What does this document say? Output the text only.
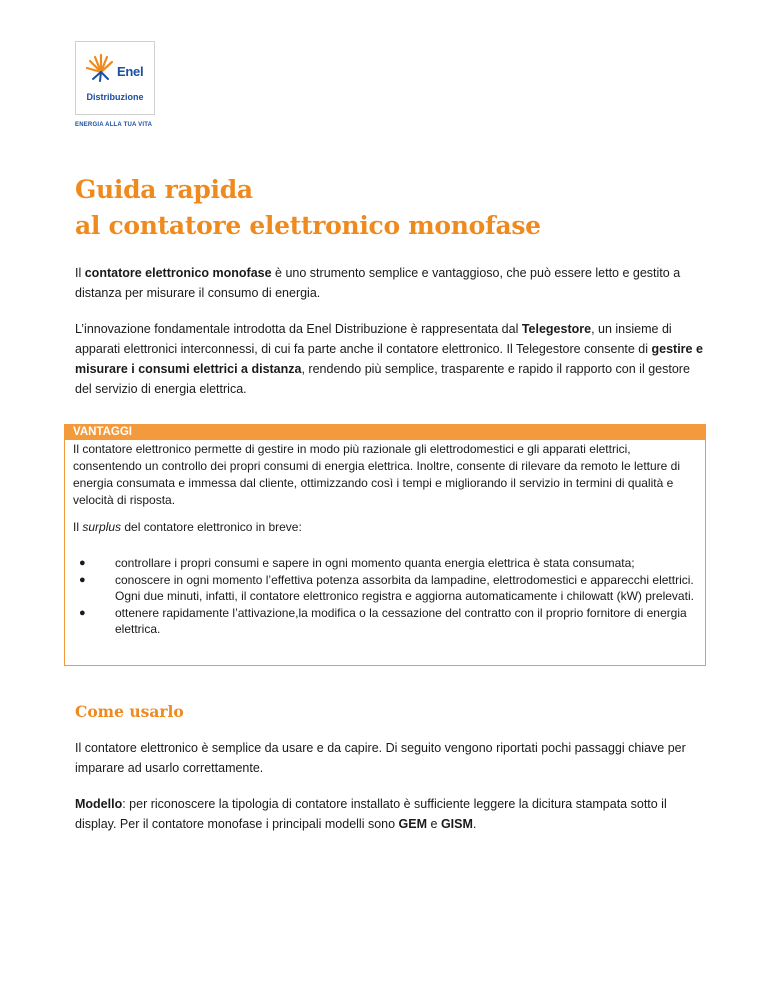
Enel
Distribuzione
ENERGIA ALLA TUA VITA
Guida rapida
al contatore elettronico monofase

Il contatore elettronico monofase è uno strumento semplice e vantaggioso, che può essere letto e gestito a distanza per misurare il consumo di energia.

L’innovazione fondamentale introdotta da Enel Distribuzione è rappresentata dal Telegestore, un insieme di apparati elettronici interconnessi, di cui fa parte anche il contatore elettronico. Il Telegestore consente di gestire e misurare i consumi elettrici a distanza, rendendo più semplice, trasparente e rapido il rapporto con il gestore del servizio di energia elettrica.

VANTAGGI

Il contatore elettronico permette di gestire in modo più razionale gli elettrodomestici e gli apparati elettrici, consentendo un controllo dei propri consumi di energia elettrica. Inoltre, consente di rilevare da remoto le letture di energia consumata e immessa dal cliente, ottimizzando così i tempi e migliorando il servizio in termini di qualità e velocità di risposta.

Il surplus del contatore elettronico in breve:

● controllare i propri consumi e sapere in ogni momento quanta energia elettrica è stata consumata;
● conoscere in ogni momento l’effettiva potenza assorbita da lampadine, elettrodomestici e apparecchi elettrici. Ogni due minuti, infatti, il contatore elettronico registra e aggiorna automaticamente i chilowatt (kW) prelevati.
● ottenere rapidamente l’attivazione,la modifica o la cessazione del contratto con il proprio fornitore di energia elettrica.
Come usarlo

Il contatore elettronico è semplice da usare e da capire. Di seguito vengono riportati pochi passaggi chiave per imparare ad usarlo correttamente.

Modello: per riconoscere la tipologia di contatore installato è sufficiente leggere la dicitura stampata sotto il display. Per il contatore monofase i principali modelli sono GEM e GISM.
